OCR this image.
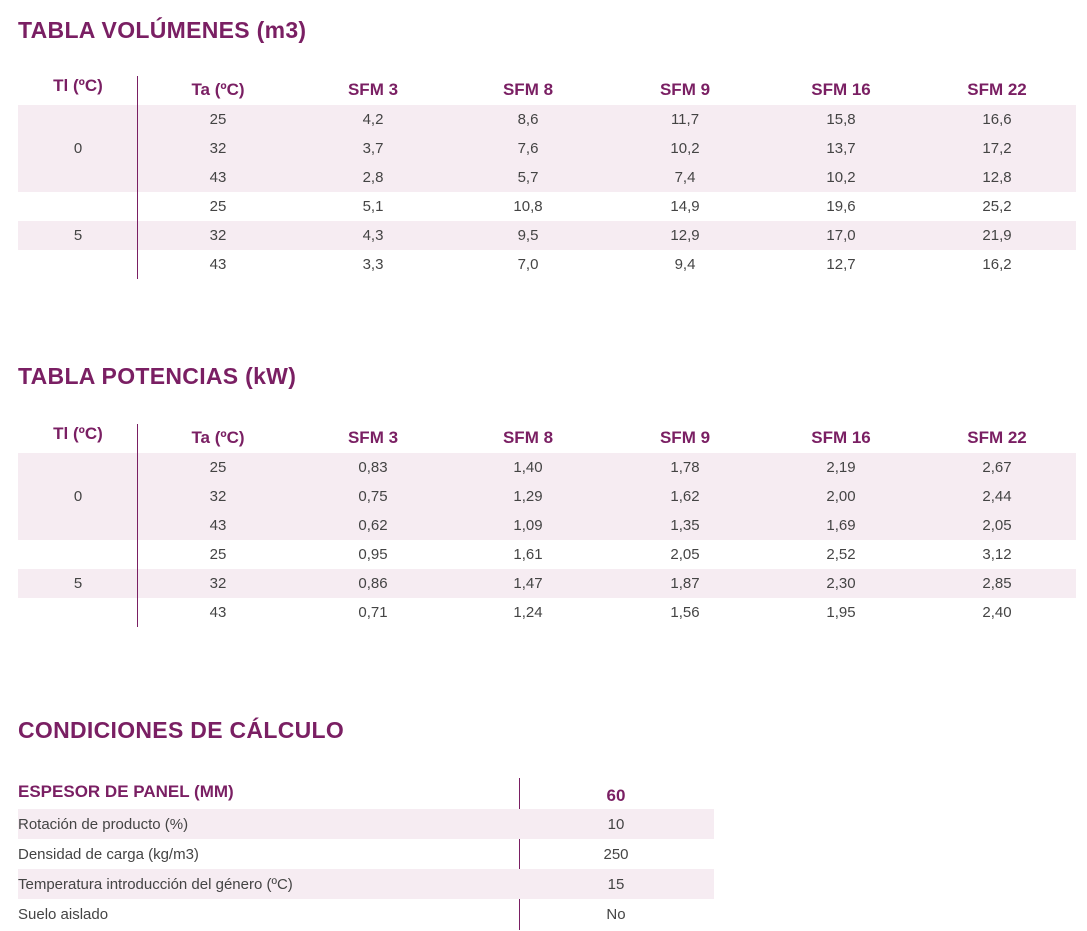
TABLA VOLÚMENES (m3)
Tl (ºC)	Ta (ºC)	SFM 3	SFM 8	SFM 9	SFM 16	SFM 22
25	4,2	8,6	11,7	15,8	16,6
32	3,7	7,6	10,2	13,7	17,2
43	2,8	5,7	7,4	10,2	12,8
0
25	5,1	10,8	14,9	19,6	25,2
32	4,3	9,5	12,9	17,0	21,9
43	3,3	7,0	9,4	12,7	16,2
5
TABLA POTENCIAS (kW)
Tl (ºC)	Ta (ºC)	SFM 3	SFM 8	SFM 9	SFM 16	SFM 22
25	0,83	1,40	1,78	2,19	2,67
32	0,75	1,29	1,62	2,00	2,44
43	0,62	1,09	1,35	1,69	2,05
0
25	0,95	1,61	2,05	2,52	3,12
32	0,86	1,47	1,87	2,30	2,85
43	0,71	1,24	1,56	1,95	2,40
5
CONDICIONES DE CÁLCULO
ESPESOR DE PANEL (MM)	60
Rotación de producto (%)	10
Densidad de carga (kg/m3)	250
Temperatura introducción del género (ºC)	15
Suelo aislado	No
